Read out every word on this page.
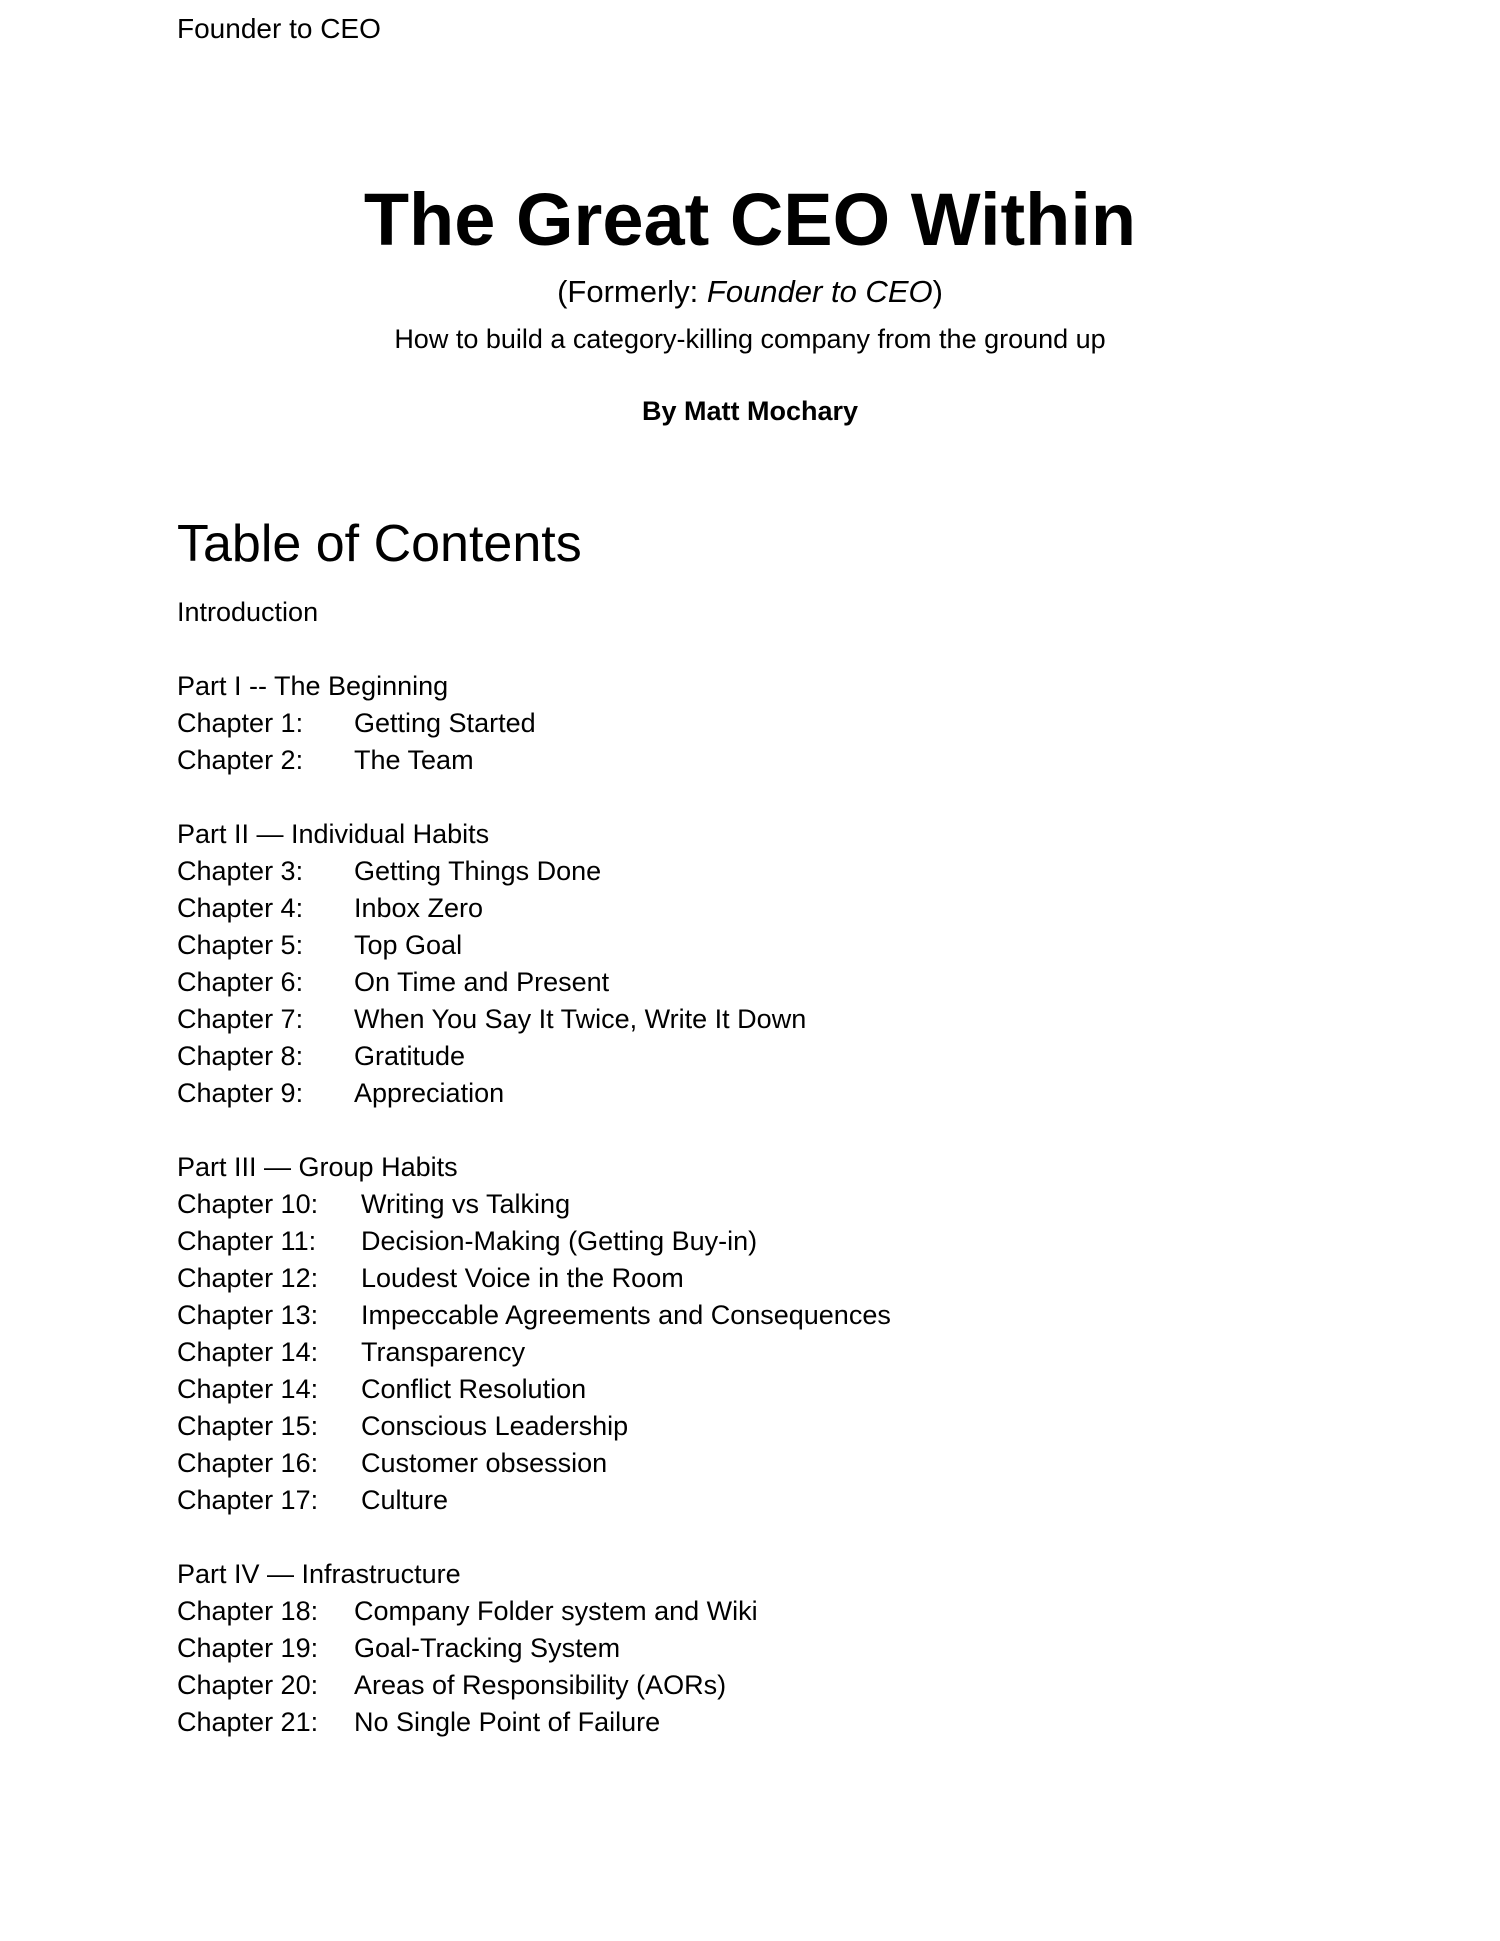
Founder to CEO
The Great CEO Within
(Formerly: Founder to CEO)
How to build a category-killing company from the ground up
By Matt Mochary
Table of Contents
Introduction
Part I -- The Beginning
Chapter 1:	Getting Started
Chapter 2:	The Team
Part II — Individual Habits
Chapter 3:	Getting Things Done
Chapter 4:	Inbox Zero
Chapter 5:	Top Goal
Chapter 6:	On Time and Present
Chapter 7:	When You Say It Twice, Write It Down
Chapter 8:	Gratitude
Chapter 9:	Appreciation
Part III — Group Habits
Chapter 10:	Writing vs Talking
Chapter 11:	Decision-Making (Getting Buy-in)
Chapter 12:	Loudest Voice in the Room
Chapter 13:	Impeccable Agreements and Consequences
Chapter 14:	Transparency
Chapter 14:	Conflict Resolution
Chapter 15:	Conscious Leadership
Chapter 16:	Customer obsession
Chapter 17:	Culture
Part IV — Infrastructure
Chapter 18:	Company Folder system and Wiki
Chapter 19:	Goal-Tracking System
Chapter 20:	Areas of Responsibility (AORs)
Chapter 21:	No Single Point of Failure
